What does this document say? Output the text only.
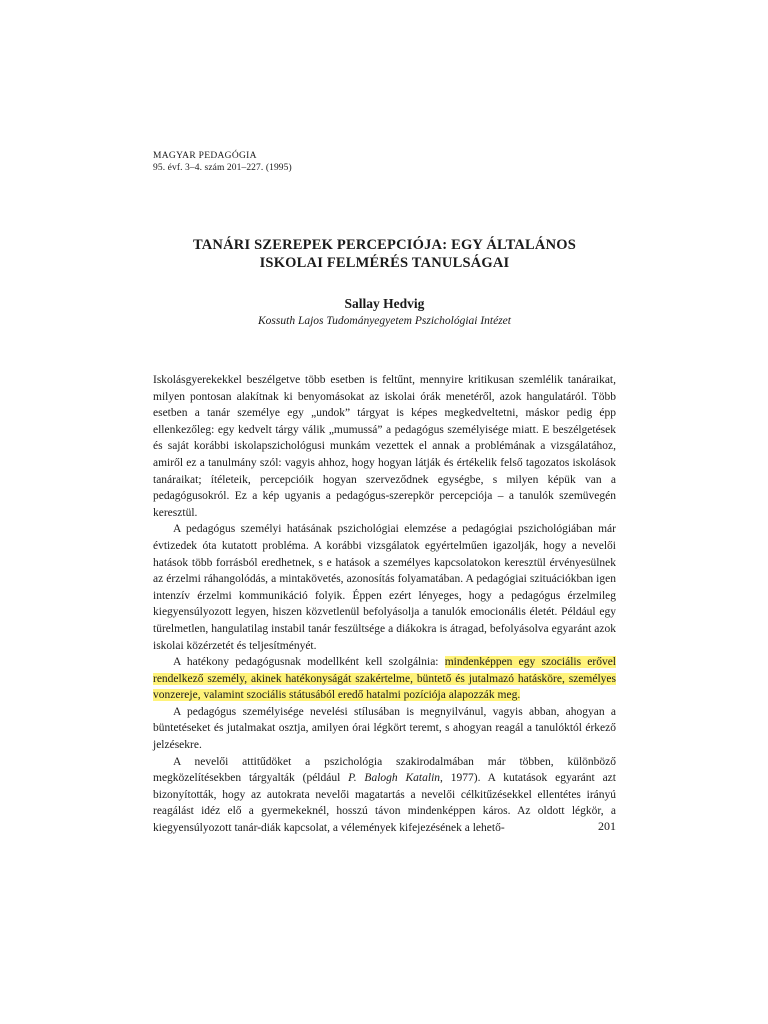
MAGYAR PEDAGÓGIA
95. évf. 3–4. szám 201–227. (1995)
TANÁRI SZEREPEK PERCEPCIÓJA: EGY ÁLTALÁNOS
ISKOLAI FELMÉRÉS TANULSÁGAI
Sallay Hedvig
Kossuth Lajos Tudományegyetem Pszichológiai Intézet

Iskolásgyerekekkel beszélgetve több esetben is feltűnt, mennyire kritikusan szemlélik tanáraikat, milyen pontosan alakítnak ki benyomásokat az iskolai órák menetéről, azok hangulatáról. Több esetben a tanár személye egy „undok” tárgyat is képes megkedveltetni, máskor pedig épp ellenkezőleg: egy kedvelt tárgy válik „mumussá” a pedagógus személyisége miatt. E beszélgetések és saját korábbi iskolapszichológusi munkám vezettek el annak a problémának a vizsgálatához, amiről ez a tanulmány szól: vagyis ahhoz, hogy hogyan látják és értékelik felső tagozatos iskolások tanáraikat; ítéleteik, percepcióik hogyan szerveződnek egységbe, s milyen képük van a pedagógusokról. Ez a kép ugyanis a pedagógus-szerepkör percepciója – a tanulók szemüvegén keresztül.

A pedagógus személyi hatásának pszichológiai elemzése a pedagógiai pszichológiában már évtizedek óta kutatott probléma. A korábbi vizsgálatok egyértelműen igazolják, hogy a nevelői hatások több forrásból eredhetnek, s e hatások a személyes kapcsolatokon keresztül érvényesülnek az érzelmi ráhangolódás, a mintakövetés, azonosítás folyamatában. A pedagógiai szituációkban igen intenzív érzelmi kommunikáció folyik. Éppen ezért lényeges, hogy a pedagógus érzelmileg kiegyensúlyozott legyen, hiszen közvetlenül befolyásolja a tanulók emocionális életét. Például egy türelmetlen, hangulatilag instabil tanár feszültsége a diákokra is átragad, befolyásolva egyaránt azok iskolai közérzetét és teljesítményét.

A hatékony pedagógusnak modellként kell szolgálnia: mindenképpen egy szociális erővel rendelkező személy, akinek hatékonyságát szakértelme, büntető és jutalmazó hatásköre, személyes vonzereje, valamint szociális státusából eredő hatalmi pozíciója alapozzák meg.

A pedagógus személyisége nevelési stílusában is megnyilvánul, vagyis abban, ahogyan a büntetéseket és jutalmakat osztja, amilyen órai légkört teremt, s ahogyan reagál a tanulóktól érkező jelzésekre.

A nevelői attitűdöket a pszichológia szakirodalmában már többen, különböző megközelítésekben tárgyalták (például P. Balogh Katalin, 1977). A kutatások egyaránt azt bizonyították, hogy az autokrata nevelői magatartás a nevelői célkitűzésekkel ellentétes irányú reagálást idéz elő a gyermekeknél, hosszú távon mindenképpen káros. Az oldott légkör, a kiegyensúlyozott tanár-diák kapcsolat, a vélemények kifejezésének a lehető-	201
